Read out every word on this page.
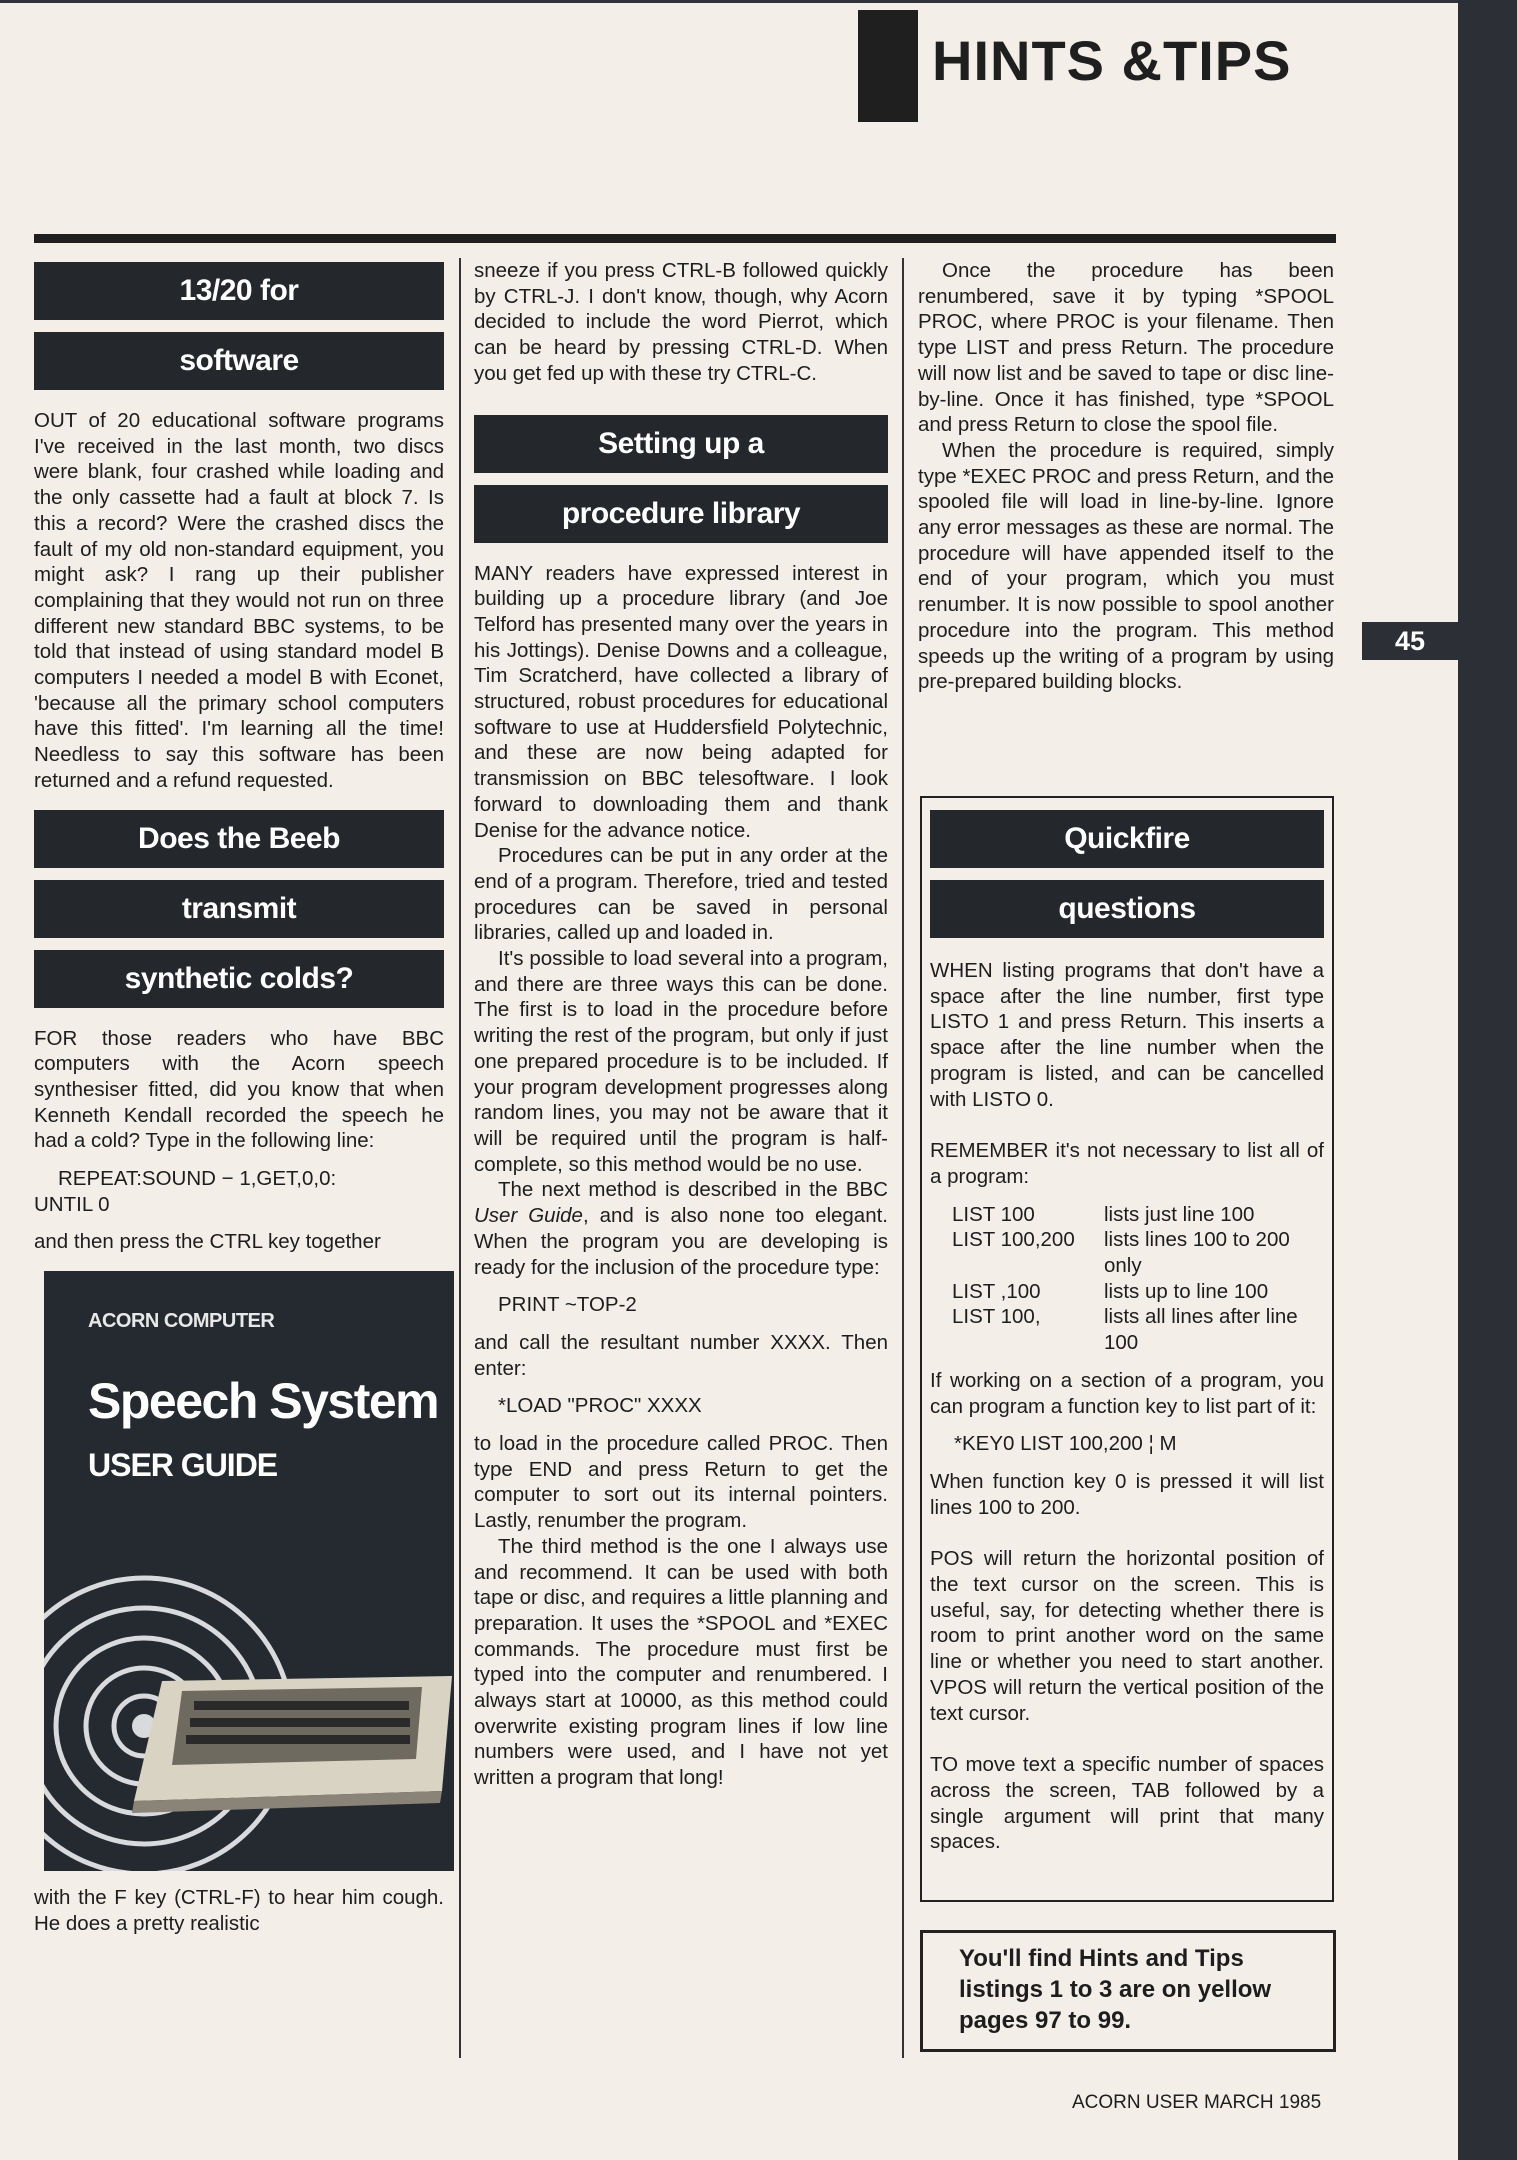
HINTS &TIPS
45
13/20 for
software

OUT of 20 educational software programs I've received in the last month, two discs were blank, four crashed while loading and the only cassette had a fault at block 7. Is this a record? Were the crashed discs the fault of my old non-standard equipment, you might ask? I rang up their publisher complaining that they would not run on three different new standard BBC systems, to be told that instead of using standard model B computers I needed a model B with Econet, 'because all the primary school computers have this fitted'. I'm learning all the time! Needless to say this software has been returned and a refund requested.

Does the Beeb
transmit
synthetic colds?

FOR those readers who have BBC computers with the Acorn speech synthesiser fitted, did you know that when Kenneth Kendall recorded the speech he had a cold? Type in the following line:

REPEAT:SOUND − 1,GET,0,0:

UNTIL 0

and then press the CTRL key together

ACORN COMPUTER
Speech System
USER GUIDE

with the F key (CTRL-F) to hear him cough. He does a pretty realistic

sneeze if you press CTRL-B followed quickly by CTRL-J. I don't know, though, why Acorn decided to include the word Pierrot, which can be heard by pressing CTRL-D. When you get fed up with these try CTRL-C.

Setting up a
procedure library

MANY readers have expressed interest in building up a procedure library (and Joe Telford has presented many over the years in his Jottings). Denise Downs and a colleague, Tim Scratcherd, have collected a library of structured, robust procedures for educational software to use at Huddersfield Polytechnic, and these are now being adapted for transmission on BBC telesoftware. I look forward to downloading them and thank Denise for the advance notice.

Procedures can be put in any order at the end of a program. Therefore, tried and tested procedures can be saved in personal libraries, called up and loaded in.

It's possible to load several into a program, and there are three ways this can be done. The first is to load in the procedure before writing the rest of the program, but only if just one prepared procedure is to be included. If your program development progresses along random lines, you may not be aware that it will be required until the program is half-complete, so this method would be no use.

The next method is described in the BBC User Guide, and is also none too elegant. When the program you are developing is ready for the inclusion of the procedure type:

PRINT ~TOP-2

and call the resultant number XXXX. Then enter:

*LOAD "PROC" XXXX

to load in the procedure called PROC. Then type END and press Return to get the computer to sort out its internal pointers. Lastly, renumber the program.

The third method is the one I always use and recommend. It can be used with both tape or disc, and requires a little planning and preparation. It uses the *SPOOL and *EXEC commands. The procedure must first be typed into the computer and renumbered. I always start at 10000, as this method could overwrite existing program lines if low line numbers were used, and I have not yet written a program that long!

Once the procedure has been renumbered, save it by typing *SPOOL PROC, where PROC is your filename. Then type LIST and press Return. The procedure will now list and be saved to tape or disc line-by-line. Once it has finished, type *SPOOL and press Return to close the spool file.

When the procedure is required, simply type *EXEC PROC and press Return, and the spooled file will load in line-by-line. Ignore any error messages as these are normal. The procedure will have appended itself to the end of your program, which you must renumber. It is now possible to spool another procedure into the program. This method speeds up the writing of a program by using pre-prepared building blocks.

Quickfire
questions

WHEN listing programs that don't have a space after the line number, first type LISTO 1 and press Return. This inserts a space after the line number when the program is listed, and can be cancelled with LISTO 0.

REMEMBER it's not necessary to list all of a program:

LIST 100	lists just line 100
LIST 100,200	lists lines 100 to 200 only
LIST ,100	lists up to line 100
LIST 100,	lists all lines after line 100

If working on a section of a program, you can program a function key to list part of it:

*KEY0 LIST 100,200 ¦ M

When function key 0 is pressed it will list lines 100 to 200.

POS will return the horizontal position of the text cursor on the screen. This is useful, say, for detecting whether there is room to print another word on the same line or whether you need to start another. VPOS will return the vertical position of the text cursor.

TO move text a specific number of spaces across the screen, TAB followed by a single argument will print that many spaces.

You'll find Hints and Tips listings 1 to 3 are on yellow pages 97 to 99.
ACORN USER MARCH 1985
